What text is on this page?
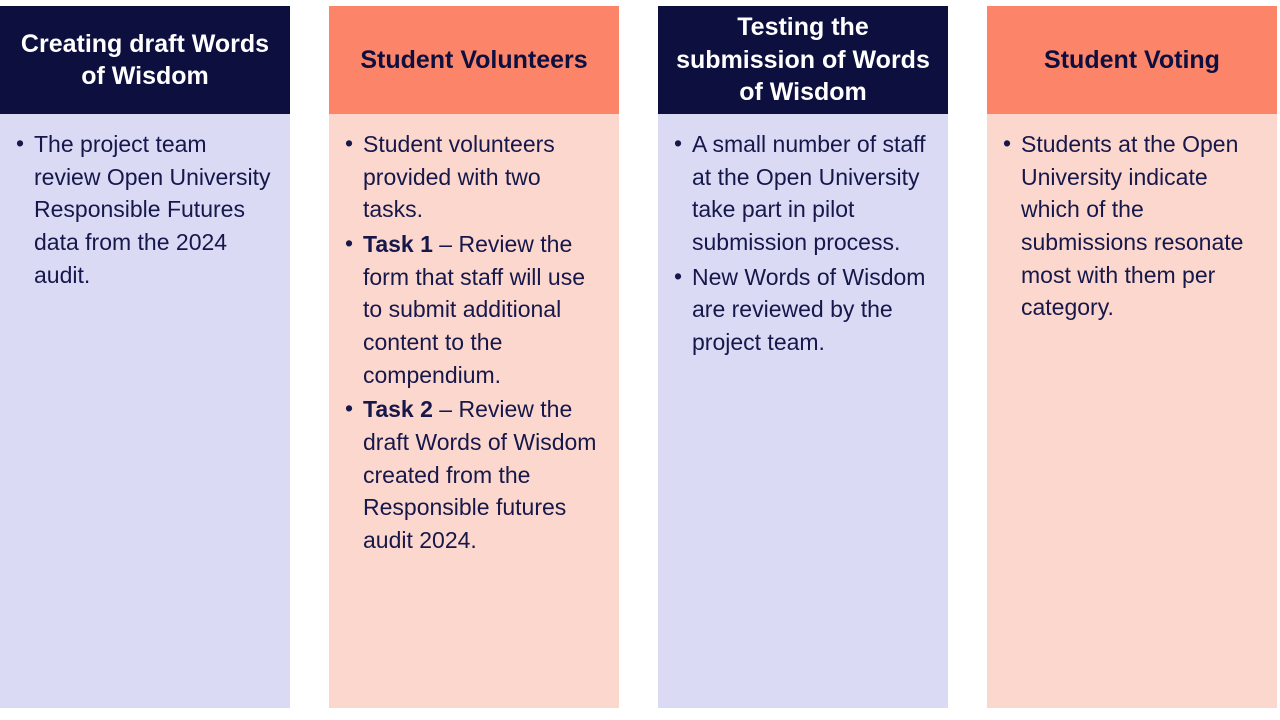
Creating draft Words of Wisdom
• The project team review Open University Responsible Futures data from the 2024 audit.
Student Volunteers
• Student volunteers provided with two tasks.
• Task 1 – Review the form that staff will use to submit additional content to the compendium.
• Task 2 – Review the draft Words of Wisdom created from the Responsible futures audit 2024.
Testing the submission of Words of Wisdom
• A small number of staff at the Open University take part in pilot submission process.
• New Words of Wisdom are reviewed by the project team.
Student Voting
• Students at the Open University indicate which of the submissions resonate most with them per category.
